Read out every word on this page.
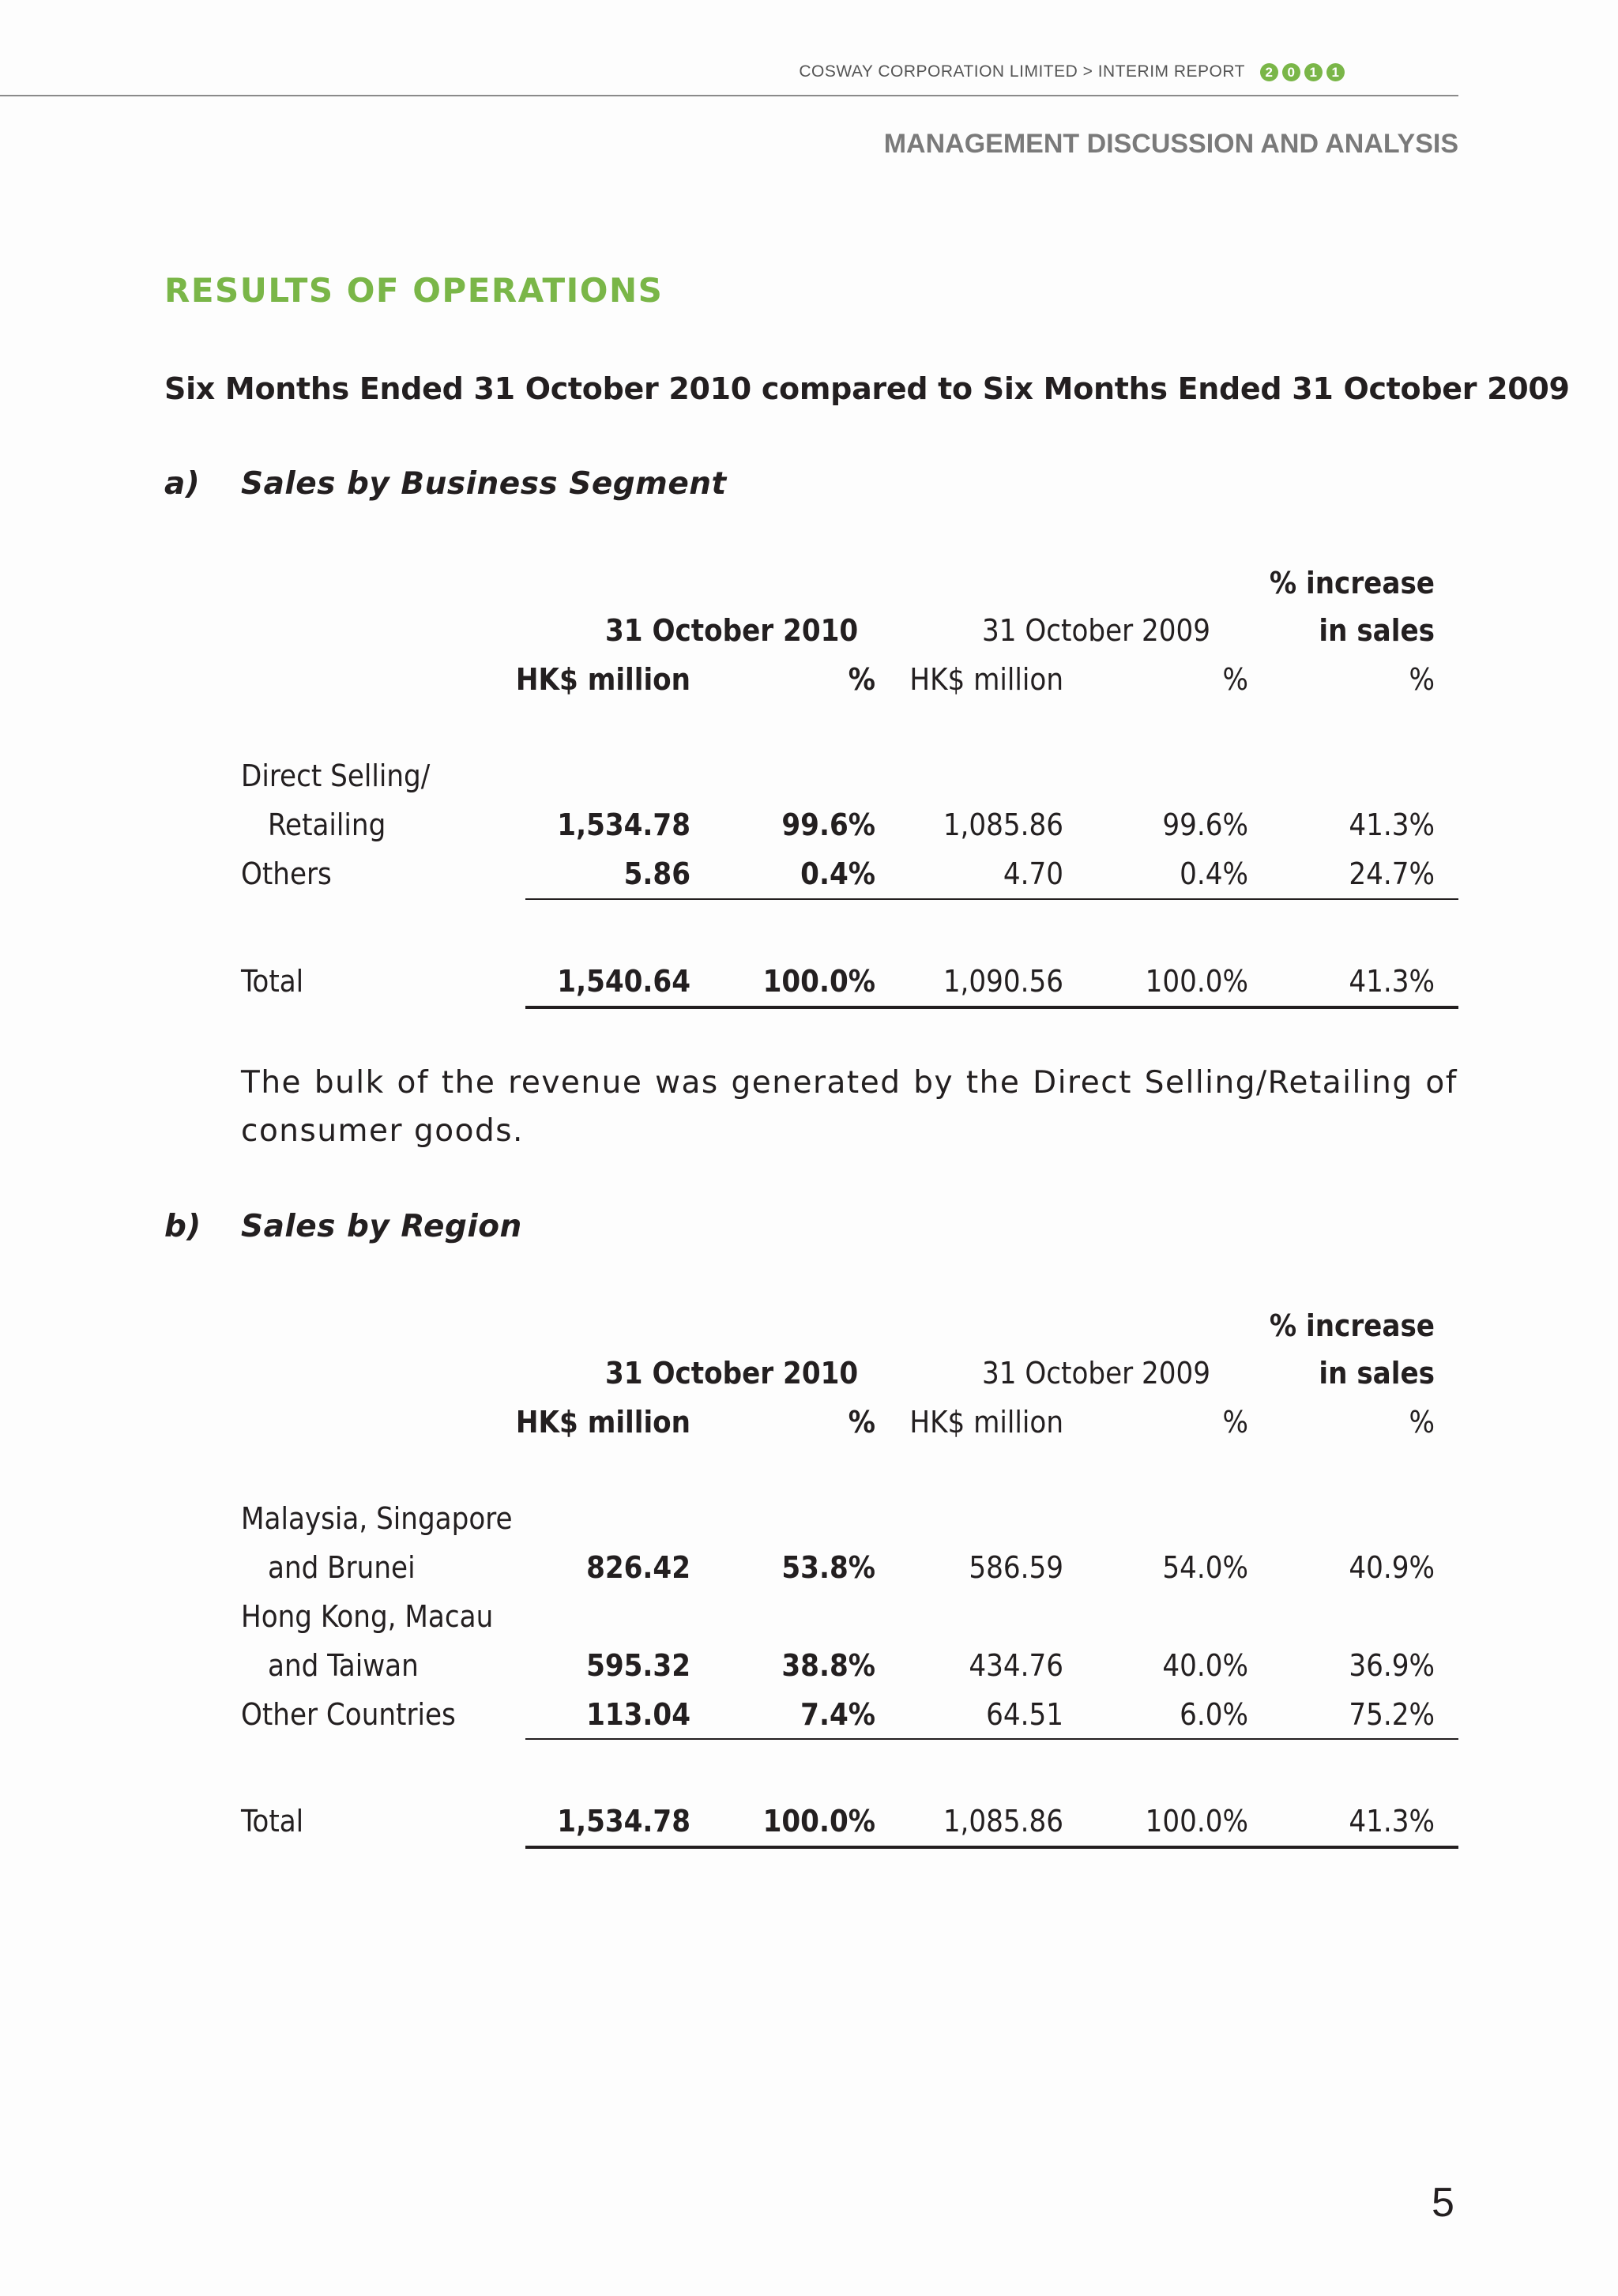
COSWAY CORPORATION LIMITED > INTERIM REPORT	2	0	1	1
MANAGEMENT DISCUSSION AND ANALYSIS
RESULTS OF OPERATIONS
Six Months Ended 31 October 2010 compared to Six Months Ended 31 October 2009
a) Sales by Business Segment
% increase
31 October 2010	31 October 2009	in sales
HK$ million	% HK$ million	%	%
Direct Selling/
Retailing	1,534.78	99.6% 1,085.86	99.6%	41.3%
Others	5.86	0.4%	4.70	0.4%	24.7%
Total	1,540.64 100.0% 1,090.56	100.0%	41.3%
The bulk of the revenue was generated by the Direct Selling/Retailing of consumer goods.
b) Sales by Region
% increase
31 October 2010	31 October 2009	in sales
HK$ million	% HK$ million	%	%
Malaysia, Singapore
and Brunei	826.42	53.8%	586.59	54.0%	40.9%
Hong Kong, Macau
and Taiwan	595.32	38.8%	434.76	40.0%	36.9%
Other Countries	113.04	7.4%	64.51	6.0%	75.2%
Total	1,534.78 100.0% 1,085.86	100.0%	41.3%
5
